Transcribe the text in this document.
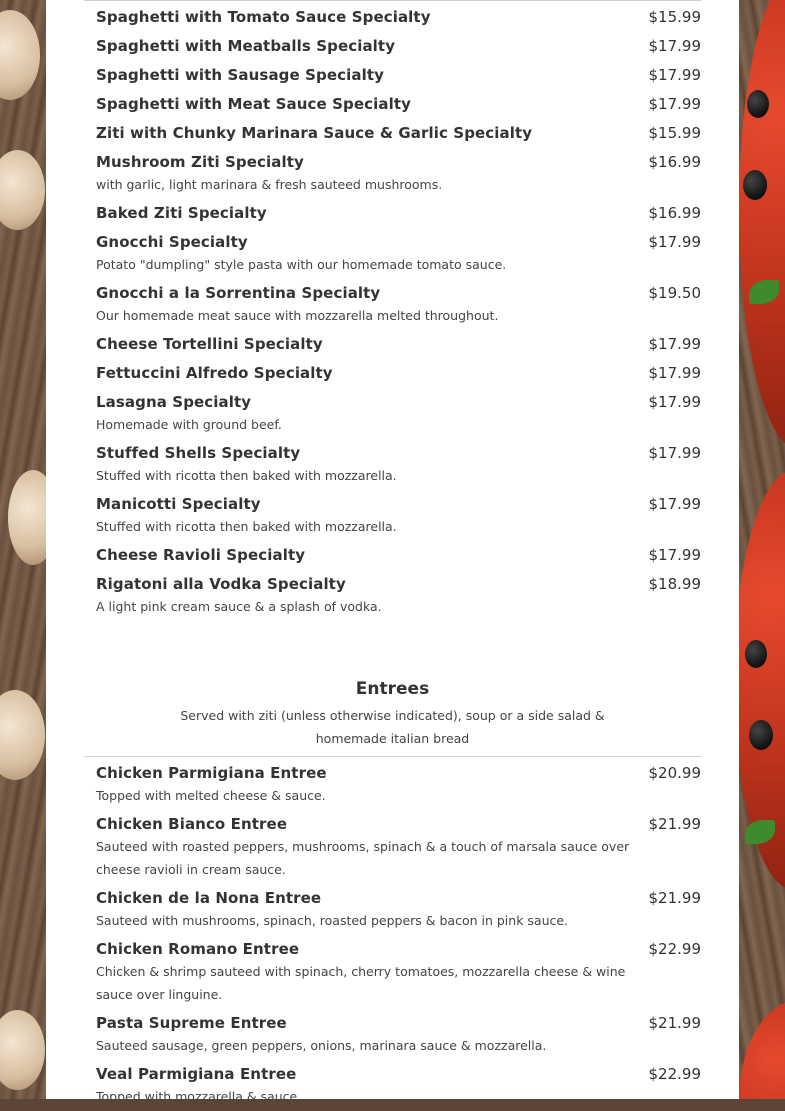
Spaghetti with Tomato Sauce Specialty	$15.99
Spaghetti with Meatballs Specialty	$17.99
Spaghetti with Sausage Specialty	$17.99
Spaghetti with Meat Sauce Specialty	$17.99
Ziti with Chunky Marinara Sauce & Garlic Specialty	$15.99
Mushroom Ziti Specialty	$16.99
with garlic, light marinara & fresh sauteed mushrooms.
Baked Ziti Specialty	$16.99
Gnocchi Specialty	$17.99
Potato "dumpling" style pasta with our homemade tomato sauce.
Gnocchi a la Sorrentina Specialty	$19.50
Our homemade meat sauce with mozzarella melted throughout.
Cheese Tortellini Specialty	$17.99
Fettuccini Alfredo Specialty	$17.99
Lasagna Specialty	$17.99
Homemade with ground beef.
Stuffed Shells Specialty	$17.99
Stuffed with ricotta then baked with mozzarella.
Manicotti Specialty	$17.99
Stuffed with ricotta then baked with mozzarella.
Cheese Ravioli Specialty	$17.99
Rigatoni alla Vodka Specialty	$18.99
A light pink cream sauce & a splash of vodka.
Entrees
Served with ziti (unless otherwise indicated), soup or a side salad & homemade italian bread
Chicken Parmigiana Entree	$20.99
Topped with melted cheese & sauce.
Chicken Bianco Entree	$21.99
Sauteed with roasted peppers, mushrooms, spinach & a touch of marsala sauce over cheese ravioli in cream sauce.
Chicken de la Nona Entree	$21.99
Sauteed with mushrooms, spinach, roasted peppers & bacon in pink sauce.
Chicken Romano Entree	$22.99
Chicken & shrimp sauteed with spinach, cherry tomatoes, mozzarella cheese & wine sauce over linguine.
Pasta Supreme Entree	$21.99
Sauteed sausage, green peppers, onions, marinara sauce & mozzarella.
Veal Parmigiana Entree	$22.99
Topped with mozzarella & sauce.
